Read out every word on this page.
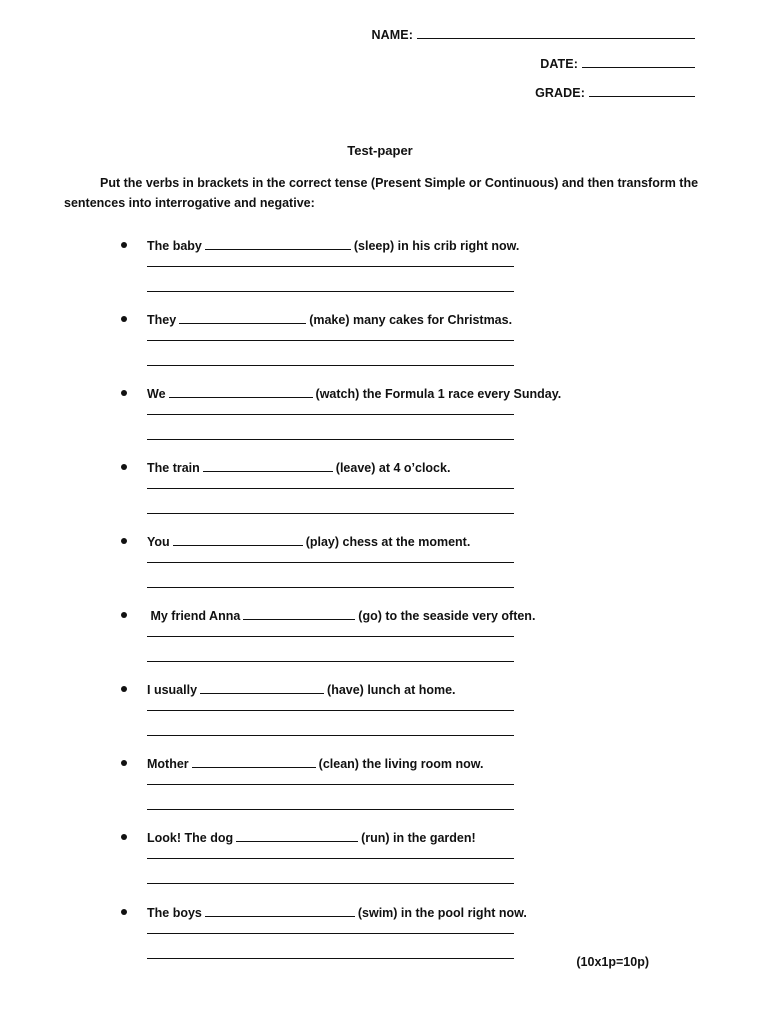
NAME:
DATE:
GRADE:
Test-paper
Put the verbs in brackets in the correct tense (Present Simple or Continuous) and then transform the sentences into interrogative and negative:
The baby	(sleep) in his crib right now.
They	(make) many cakes for Christmas.
We	(watch) the Formula 1 race every Sunday.
The train	(leave) at 4 o’clock.
You	(play) chess at the moment.
My friend Anna	(go) to the seaside very often.
I usually	(have) lunch at home.
Mother	(clean) the living room now.
Look! The dog	(run) in the garden!
The boys	(swim) in the pool right now.
(10x1p=10p)
